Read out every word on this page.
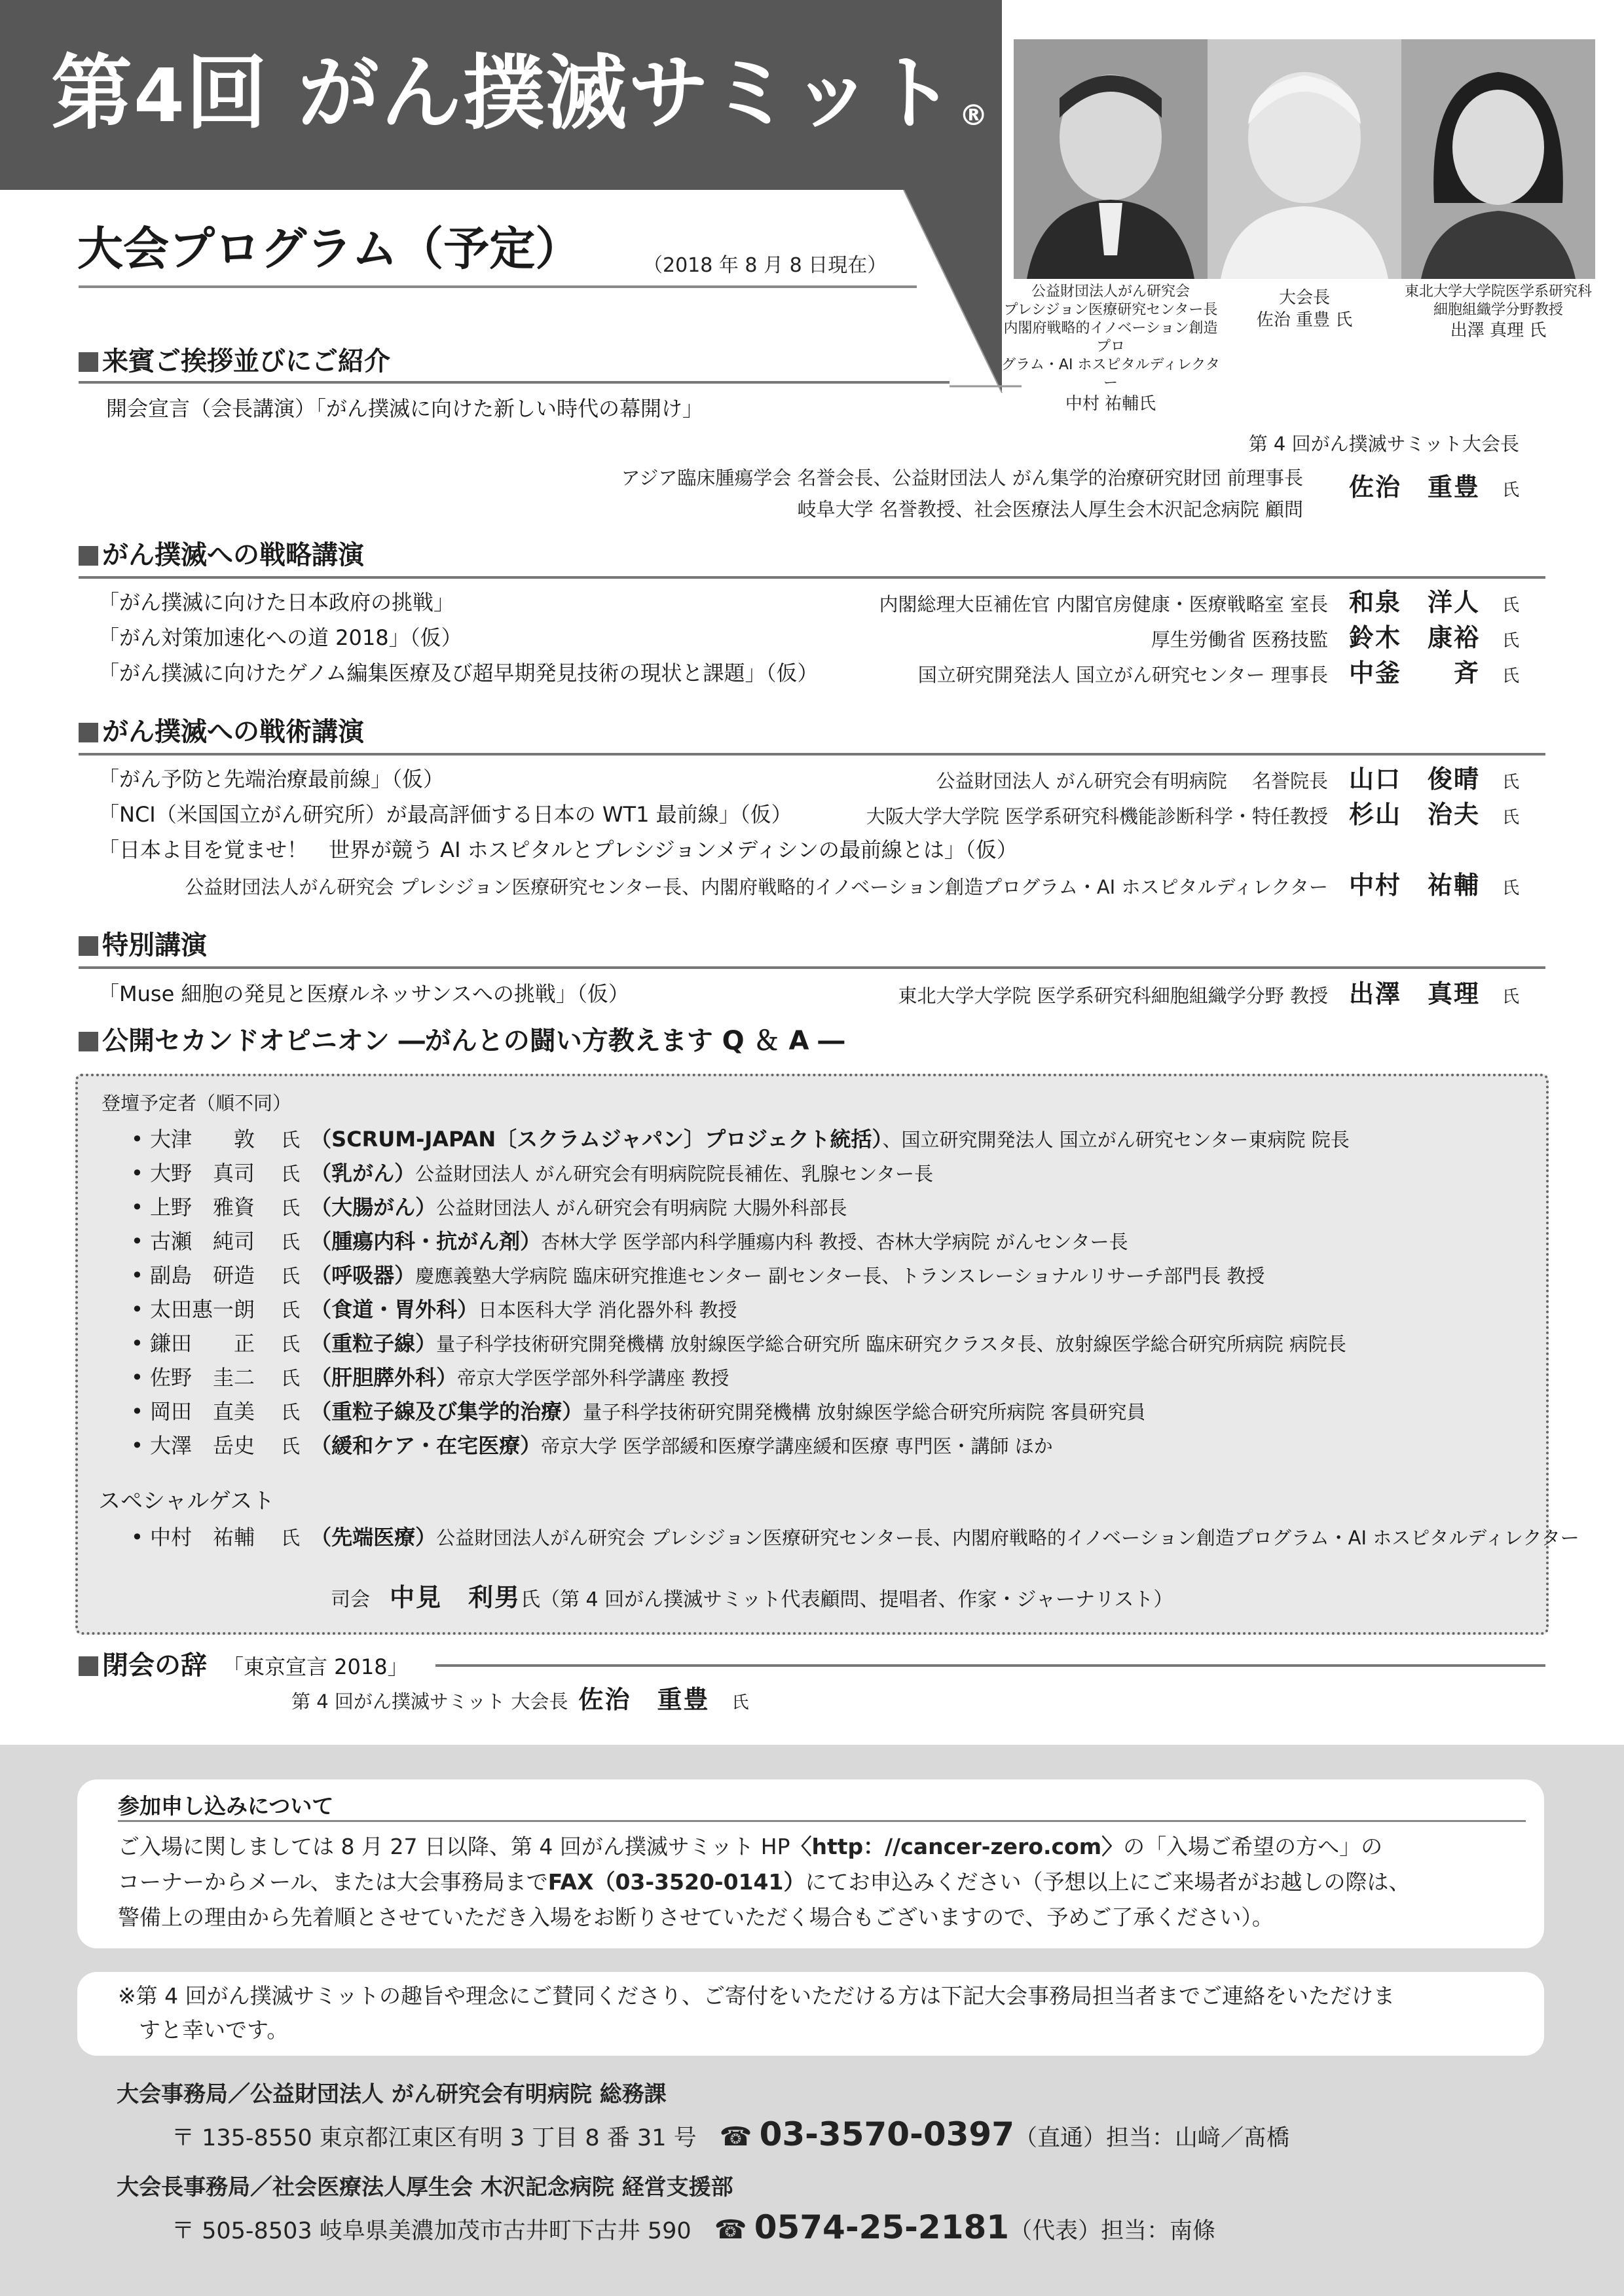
第4回 がん撲滅サミット®
大会プログラム（予定）	（2018 年 8 月 8 日現在）
公益財団法人がん研究会
プレシジョン医療研究センター長
内閣府戦略的イノベーション創造プロ
グラム・AI ホスピタルディレクター
中村 祐輔氏
大会長
佐治 重豊 氏
東北大学大学院医学系研究科
細胞組織学分野教授
出澤 真理 氏
来賓ご挨拶並びにご紹介
開会宣言（会長講演）「がん撲滅に向けた新しい時代の幕開け」
第 4 回がん撲滅サミット大会長
アジア臨床腫瘍学会 名誉会長、公益財団法人 がん集学的治療研究財団 前理事長
岐阜大学 名誉教授、社会医療法人厚生会木沢記念病院 顧問
佐治　重豊 氏
がん撲滅への戦略講演
「がん撲滅に向けた日本政府の挑戦」	内閣総理大臣補佐官 内閣官房健康・医療戦略室 室長　 和泉　洋人 氏
「がん対策加速化への道 2018」（仮）	厚生労働省 医務技監　 鈴木　康裕 氏
「がん撲滅に向けたゲノム編集医療及び超早期発見技術の現状と課題」（仮）	国立研究開発法人 国立がん研究センター 理事長　 中釜　　斉 氏
がん撲滅への戦術講演
「がん予防と先端治療最前線」（仮）	公益財団法人 がん研究会有明病院　 名誉院長　 山口　俊晴 氏
「NCI（米国国立がん研究所）が最高評価する日本の WT1 最前線」（仮）	大阪大学大学院 医学系研究科機能診断科学・特任教授　 杉山　治夫 氏
「日本よ目を覚ませ！　世界が競う AI ホスピタルとプレシジョンメディシンの最前線とは」（仮）
公益財団法人がん研究会 プレシジョン医療研究センター長、内閣府戦略的イノベーション創造プログラム・AI ホスピタルディレクター　 中村　祐輔 氏
特別講演
「Muse 細胞の発見と医療ルネッサンスへの挑戦」（仮）	東北大学大学院 医学系研究科細胞組織学分野 教授　 出澤　真理 氏
公開セカンドオピニオン ―がんとの闘い方教えます Q ＆ A ―
登壇予定者（順不同）
• 大津　　敦 氏　 （SCRUM-JAPAN〔スクラムジャパン〕プロジェクト統括）、国立研究開発法人 国立がん研究センター東病院 院長
• 大野　真司 氏　 （乳がん）公益財団法人 がん研究会有明病院院長補佐、乳腺センター長
• 上野　雅資 氏　 （大腸がん）公益財団法人 がん研究会有明病院 大腸外科部長
• 古瀬　純司 氏　 （腫瘍内科・抗がん剤）杏林大学 医学部内科学腫瘍内科 教授、杏林大学病院 がんセンター長
• 副島　研造 氏　 （呼吸器）慶應義塾大学病院 臨床研究推進センター 副センター長、トランスレーショナルリサーチ部門長 教授
• 太田惠一朗 氏　 （食道・胃外科）日本医科大学 消化器外科 教授
• 鎌田　　正 氏　 （重粒子線）量子科学技術研究開発機構 放射線医学総合研究所 臨床研究クラスタ長、放射線医学総合研究所病院 病院長
• 佐野　圭二 氏　 （肝胆膵外科）帝京大学医学部外科学講座 教授
• 岡田　直美 氏　 （重粒子線及び集学的治療）量子科学技術研究開発機構 放射線医学総合研究所病院 客員研究員
• 大澤　岳史 氏　 （緩和ケア・在宅医療）帝京大学 医学部緩和医療学講座緩和医療 専門医・講師 ほか
スペシャルゲスト
• 中村　祐輔 氏　 （先端医療）公益財団法人がん研究会 プレシジョン医療研究センター長、内閣府戦略的イノベーション創造プログラム・AI ホスピタルディレクター
司会　 中見　利男氏（第 4 回がん撲滅サミット代表顧問、提唱者、作家・ジャーナリスト）
閉会の辞　 「東京宣言 2018」
第 4 回がん撲滅サミット 大会長　 佐治　重豊 氏
参加申し込みについて
ご入場に関しましては 8 月 27 日以降、第 4 回がん撲滅サミット HP〈http：//cancer-zero.com〉の「入場ご希望の方へ」の
コーナーからメール、または大会事務局までFAX（03-3520-0141）にてお申込みください（予想以上にご来場者がお越しの際は、
警備上の理由から先着順とさせていただき入場をお断りさせていただく場合もございますので、予めご了承ください）。
※第 4 回がん撲滅サミットの趣旨や理念にご賛同くださり、ご寄付をいただける方は下記大会事務局担当者までご連絡をいただけま
すと幸いです。
大会事務局／公益財団法人 がん研究会有明病院 総務課
〒 135-8550 東京都江東区有明 3 丁目 8 番 31 号　 ☎ 03-3570-0397（直通）担当：山﨑／髙橋
大会長事務局／社会医療法人厚生会 木沢記念病院 経営支援部
〒 505-8503 岐阜県美濃加茂市古井町下古井 590　 ☎ 0574-25-2181（代表）担当：南條
